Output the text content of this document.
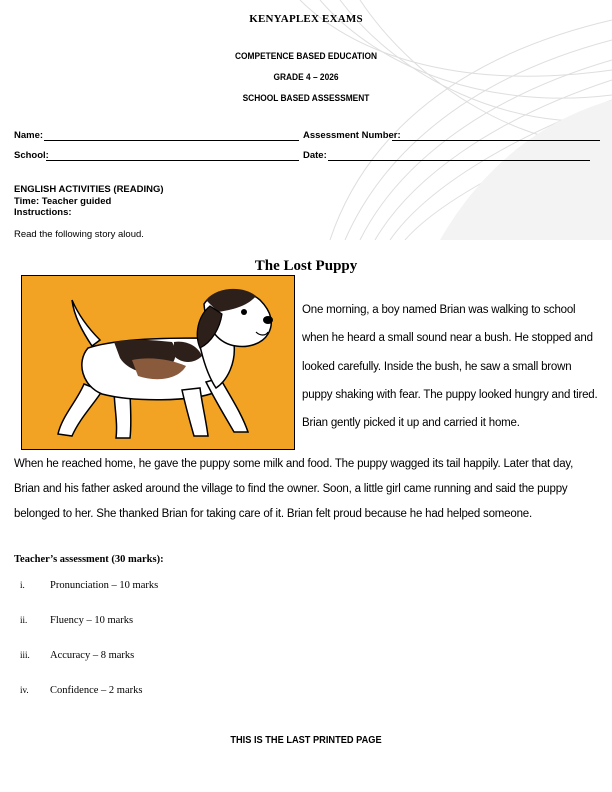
KENYAPLEX EXAMS
COMPETENCE BASED EDUCATION
GRADE 4 – 2026
SCHOOL BASED ASSESSMENT
Name:	Assessment Number:
School:	Date:
ENGLISH ACTIVITIES (READING)
Time: Teacher guided
Instructions:
Read the following story aloud.
The Lost Puppy
One morning, a boy named Brian was walking to school
when he heard a small sound near a bush. He stopped and
looked carefully. Inside the bush, he saw a small brown
puppy shaking with fear. The puppy looked hungry and tired.
Brian gently picked it up and carried it home.
When he reached home, he gave the puppy some milk and food. The puppy wagged its tail happily. Later that day,
Brian and his father asked around the village to find the owner. Soon, a little girl came running and said the puppy
belonged to her. She thanked Brian for taking care of it. Brian felt proud because he had helped someone.
Teacher’s assessment (30 marks):
i. Pronunciation – 10 marks
ii. Fluency – 10 marks
iii. Accuracy – 8 marks
iv. Confidence – 2 marks
THIS IS THE LAST PRINTED PAGE
